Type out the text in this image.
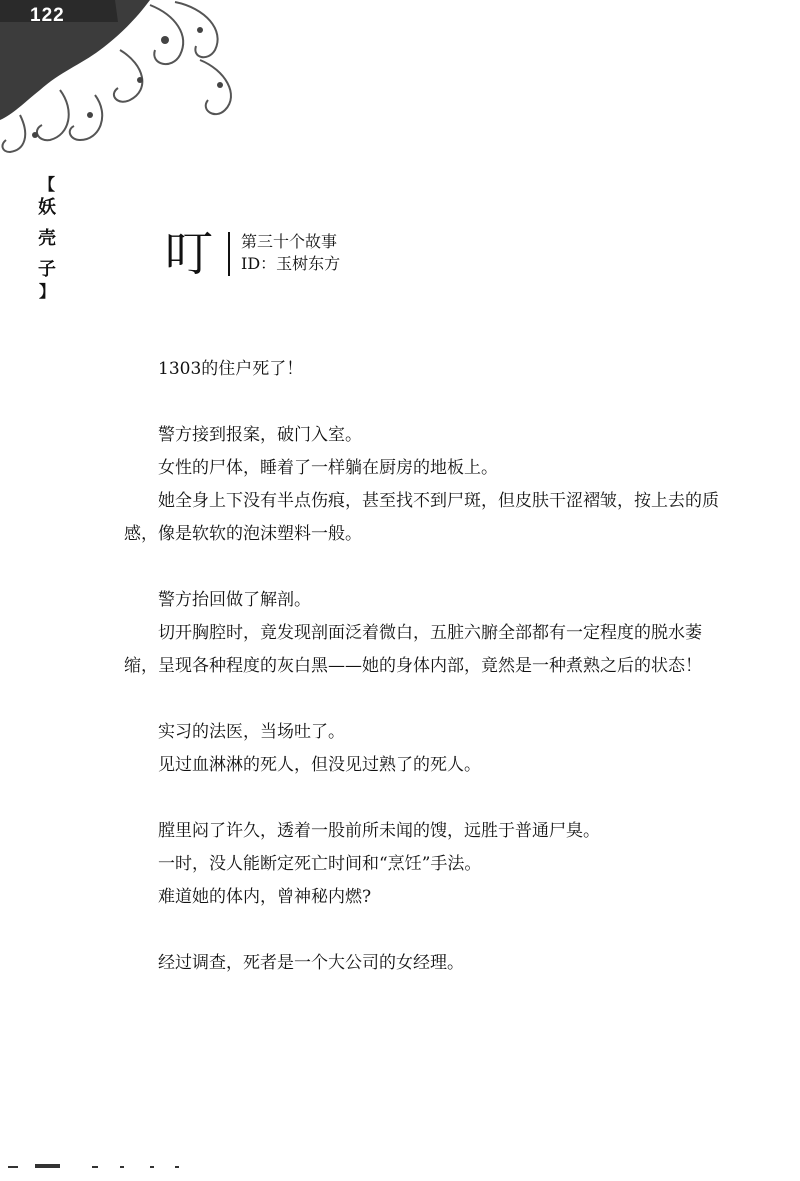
122
【
妖
壳
子
】
叮 第三十个故事
ID：玉树东方

1303的住户死了！

警方接到报案，破门入室。

女性的尸体，睡着了一样躺在厨房的地板上。

她全身上下没有半点伤痕，甚至找不到尸斑，但皮肤干涩褶皱，按上去的质感，像是软软的泡沫塑料一般。

警方抬回做了解剖。

切开胸腔时，竟发现剖面泛着微白，五脏六腑全部都有一定程度的脱水萎缩，呈现各种程度的灰白黑——她的身体内部，竟然是一种煮熟之后的状态！

实习的法医，当场吐了。

见过血淋淋的死人，但没见过熟了的死人。

膛里闷了许久，透着一股前所未闻的馊，远胜于普通尸臭。

一时，没人能断定死亡时间和“烹饪”手法。

难道她的体内，曾神秘内燃?

经过调查，死者是一个大公司的女经理。
